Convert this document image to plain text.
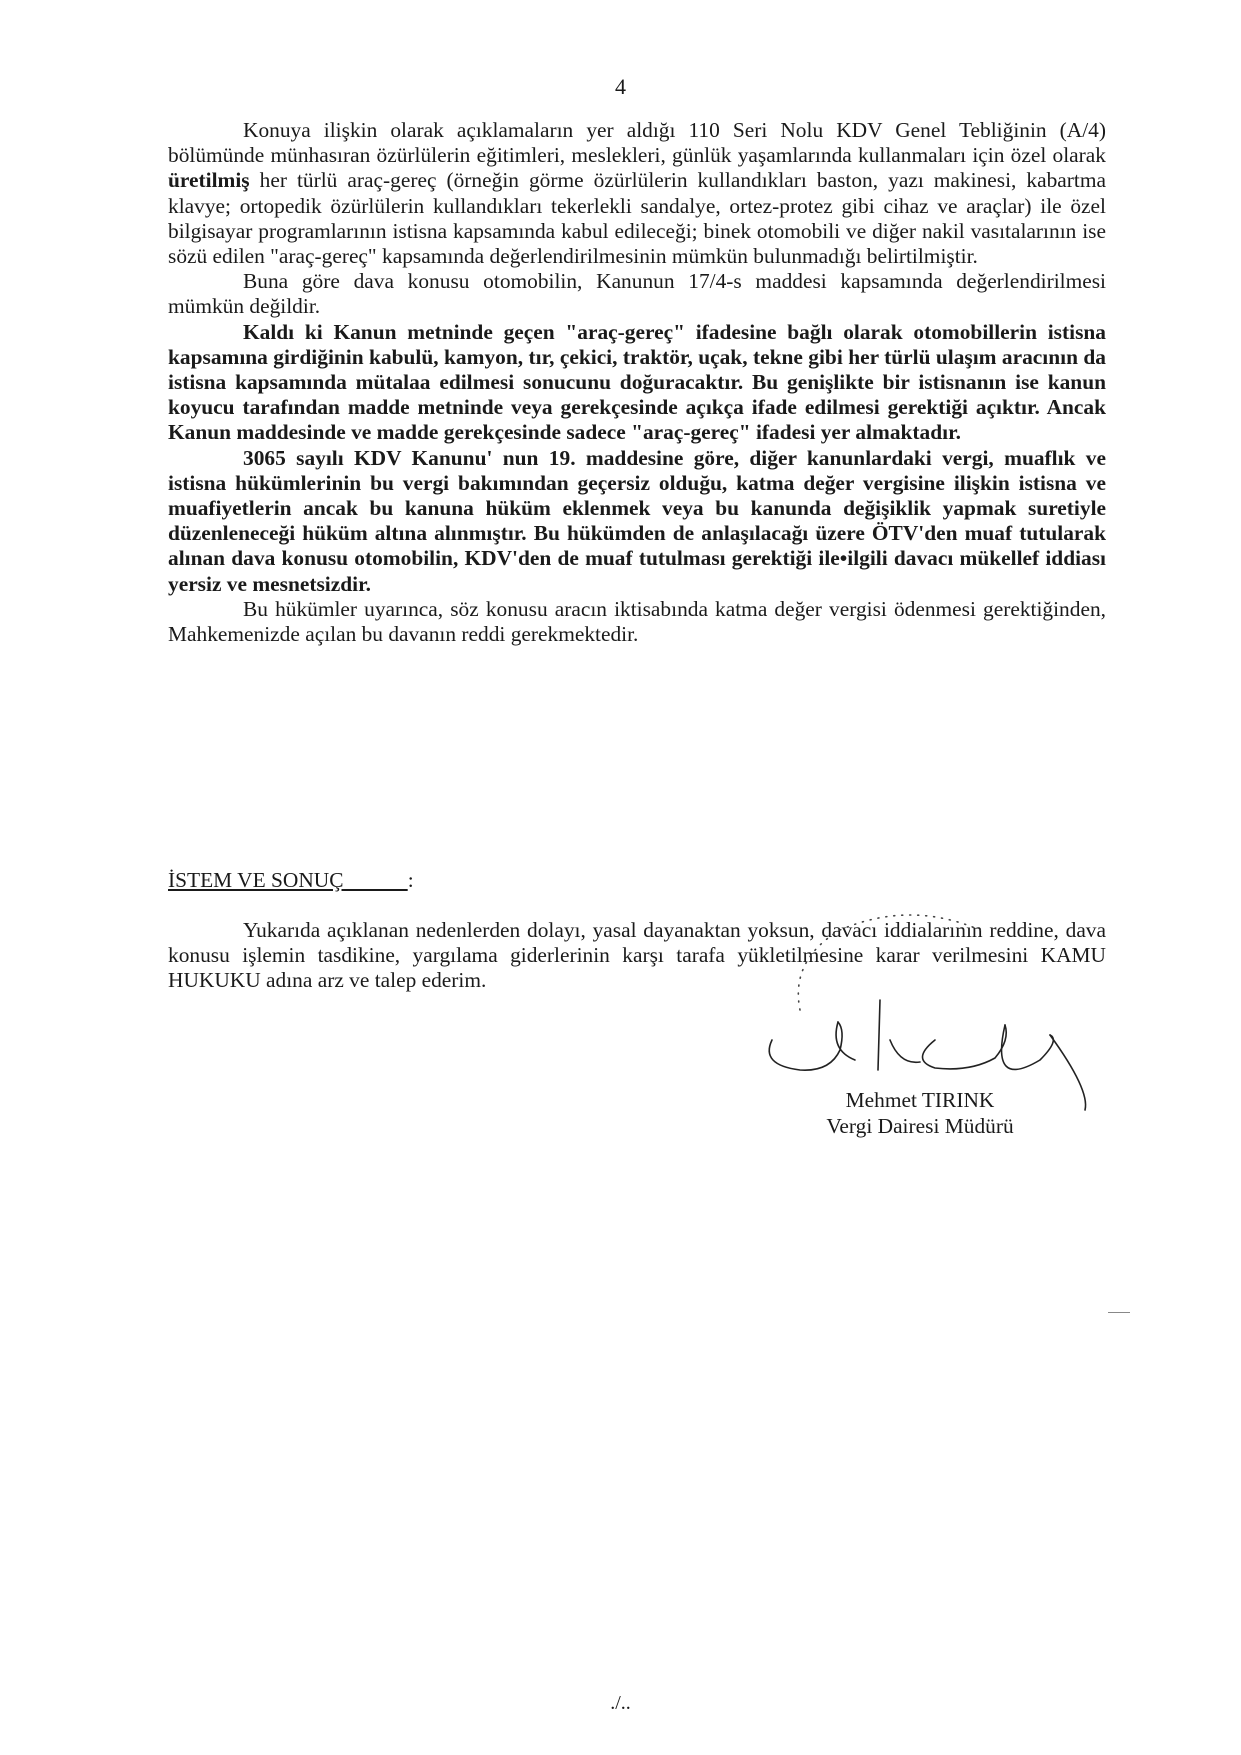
4

Konuya ilişkin olarak açıklamaların yer aldığı 110 Seri Nolu KDV Genel Tebliğinin (A/4) bölümünde münhasıran özürlülerin eğitimleri, meslekleri, günlük yaşamlarında kullanmaları için özel olarak üretilmiş her türlü araç-gereç (örneğin görme özürlülerin kullandıkları baston, yazı makinesi, kabartma klavye; ortopedik özürlülerin kullandıkları tekerlekli sandalye, ortez-protez gibi cihaz ve araçlar) ile özel bilgisayar programlarının istisna kapsamında kabul edileceği; binek otomobili ve diğer nakil vasıtalarının ise sözü edilen "araç-gereç" kapsamında değerlendirilmesinin mümkün bulunmadığı belirtilmiştir.

Buna göre dava konusu otomobilin, Kanunun 17/4-s maddesi kapsamında değerlendirilmesi mümkün değildir.

Kaldı ki Kanun metninde geçen "araç-gereç" ifadesine bağlı olarak otomobillerin istisna kapsamına girdiğinin kabulü, kamyon, tır, çekici, traktör, uçak, tekne gibi her türlü ulaşım aracının da istisna kapsamında mütalaa edilmesi sonucunu doğuracaktır. Bu genişlikte bir istisnanın ise kanun koyucu tarafından madde metninde veya gerekçesinde açıkça ifade edilmesi gerektiği açıktır. Ancak Kanun maddesinde ve madde gerekçesinde sadece "araç-gereç" ifadesi yer almaktadır.

3065 sayılı KDV Kanunu' nun 19. maddesine göre, diğer kanunlardaki vergi, muaflık ve istisna hükümlerinin bu vergi bakımından geçersiz olduğu, katma değer vergisine ilişkin istisna ve muafiyetlerin ancak bu kanuna hüküm eklenmek veya bu kanunda değişiklik yapmak suretiyle düzenleneceği hüküm altına alınmıştır. Bu hükümden de anlaşılacağı üzere ÖTV'den muaf tutularak alınan dava konusu otomobilin, KDV'den de muaf tutulması gerektiği ile•ilgili davacı mükellef iddiası yersiz ve mesnetsizdir.

Bu hükümler uyarınca, söz konusu aracın iktisabında katma değer vergisi ödenmesi gerektiğinden, Mahkemenizde açılan bu davanın reddi gerekmektedir.

İSTEM VE SONUÇ	:

Yukarıda açıklanan nedenlerden dolayı, yasal dayanaktan yoksun, davacı iddialarının reddine, dava konusu işlemin tasdikine, yargılama giderlerinin karşı tarafa yükletilmesine karar verilmesini KAMU HUKUKU adına arz ve talep ederim.

Mehmet TIRINK
Vergi Dairesi Müdürü
./..
